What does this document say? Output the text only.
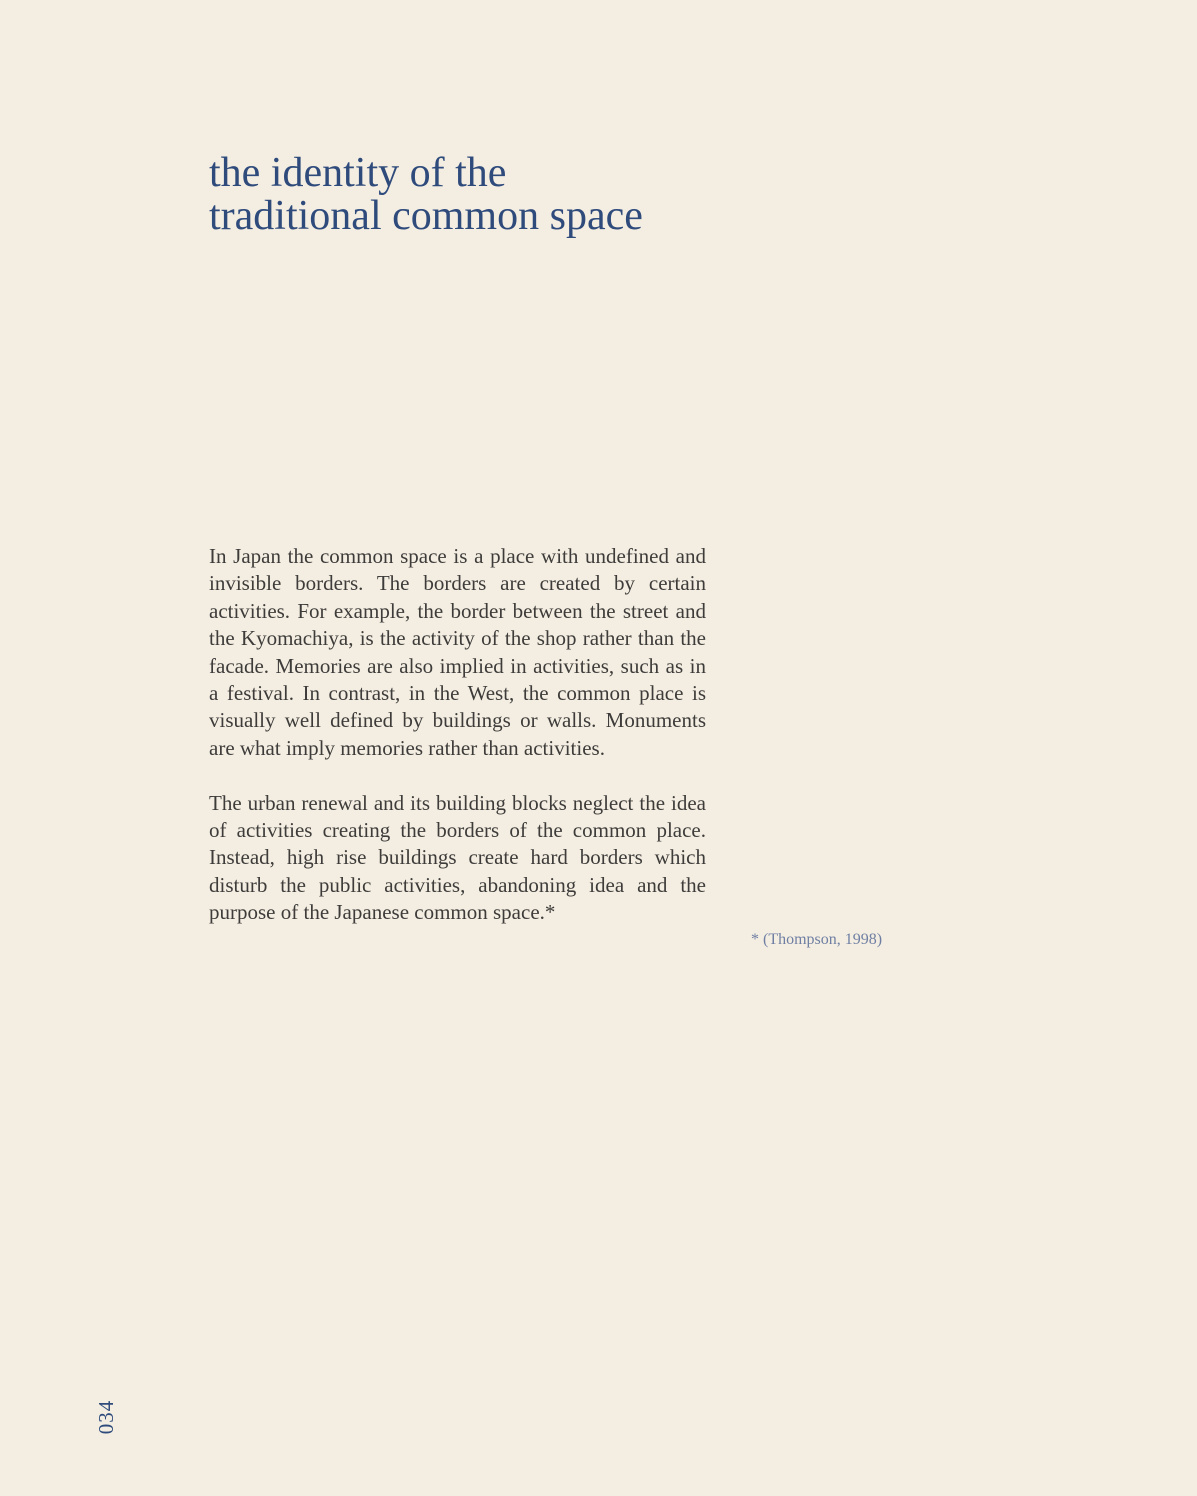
the identity of the
traditional common space

In Japan the common space is a place with undefined and invisible borders. The borders are created by certain activities. For example, the border between the street and the Kyomachiya, is the activity of the shop rather than the facade. Memories are also implied in activities, such as in a festival. In contrast, in the West, the common place is visually well defined by buildings or walls. Monuments are what imply memories rather than activities.

The urban renewal and its building blocks neglect the idea of activities creating the borders of the common place. Instead, high rise buildings create hard borders which disturb the public activities, abandoning idea and the purpose of the Japanese common space.*

* (Thompson, 1998)
034
